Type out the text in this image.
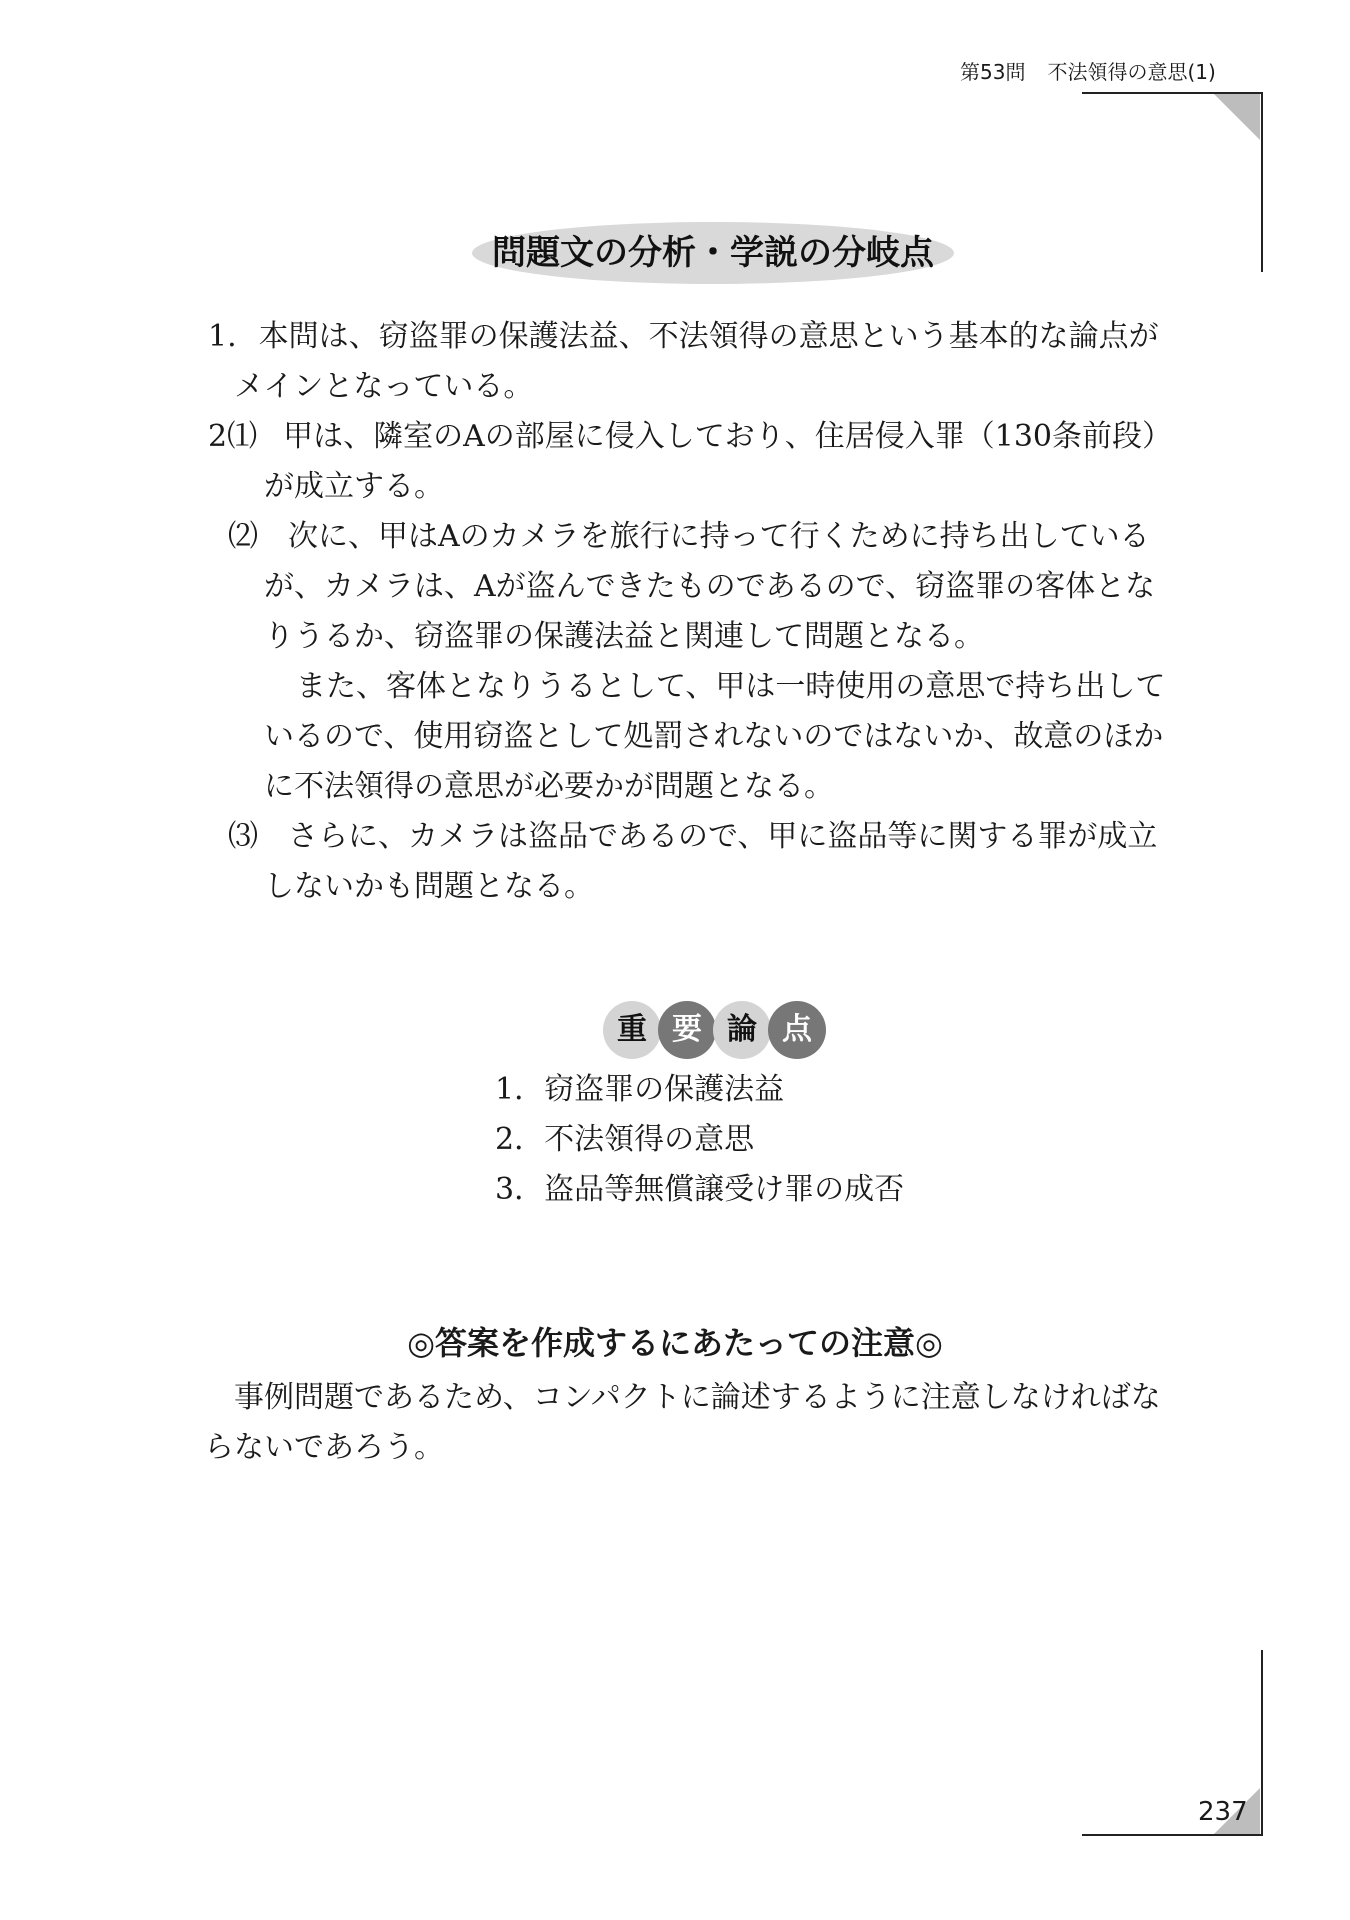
第53問 不法領得の意思(1)
問題文の分析・学説の分岐点
1. 本問は、窃盗罪の保護法益、不法領得の意思という基本的な論点が
メインとなっている。
2⑴ 甲は、隣室のAの部屋に侵入しており、住居侵入罪（130条前段）
が成立する。
⑵ 次に、甲はAのカメラを旅行に持って行くために持ち出している
が、カメラは、Aが盗んできたものであるので、窃盗罪の客体とな
りうるか、窃盗罪の保護法益と関連して問題となる。
また、客体となりうるとして、甲は一時使用の意思で持ち出して
いるので、使用窃盗として処罰されないのではないか、故意のほか
に不法領得の意思が必要かが問題となる。
⑶ さらに、カメラは盗品であるので、甲に盗品等に関する罪が成立
しないかも問題となる。
重 要 論 点
1．窃盗罪の保護法益
2．不法領得の意思
3．盗品等無償譲受け罪の成否
◎答案を作成するにあたっての注意◎
事例問題であるため、コンパクトに論述するように注意しなければな
らないであろう。
237
